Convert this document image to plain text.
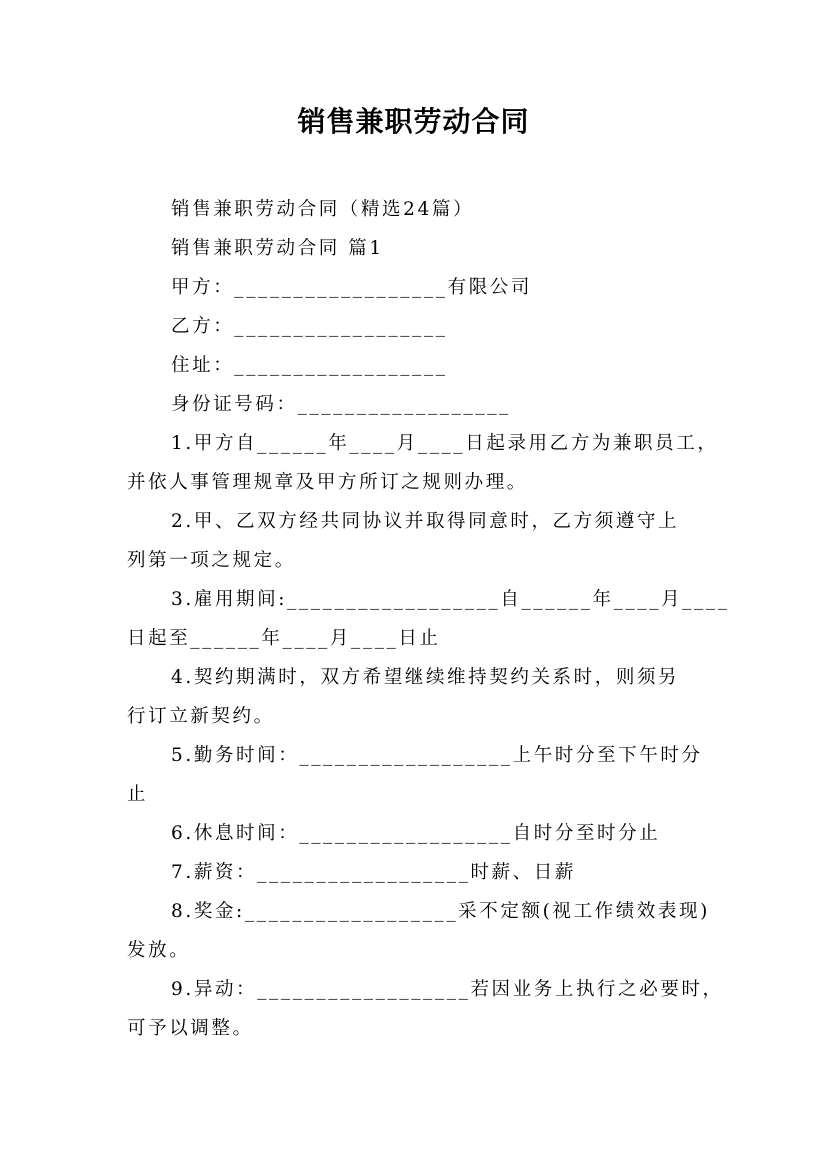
销售兼职劳动合同

销售兼职劳动合同（精选24篇）

销售兼职劳动合同 篇1

甲方：__________________有限公司

乙方：__________________

住址：__________________

身份证号码：__________________

1.甲方自______年____月____日起录用乙方为兼职员工，

并依人事管理规章及甲方所订之规则办理。

2.甲、乙双方经共同协议并取得同意时，乙方须遵守上

列第一项之规定。

3.雇用期间:__________________自______年____月____

日起至______年____月____日止

4.契约期满时，双方希望继续维持契约关系时，则须另

行订立新契约。

5.勤务时间：__________________上午时分至下午时分

止

6.休息时间：__________________自时分至时分止

7.薪资：__________________时薪、日薪

8.奖金:__________________采不定额(视工作绩效表现)

发放。

9.异动：__________________若因业务上执行之必要时，

可予以调整。
